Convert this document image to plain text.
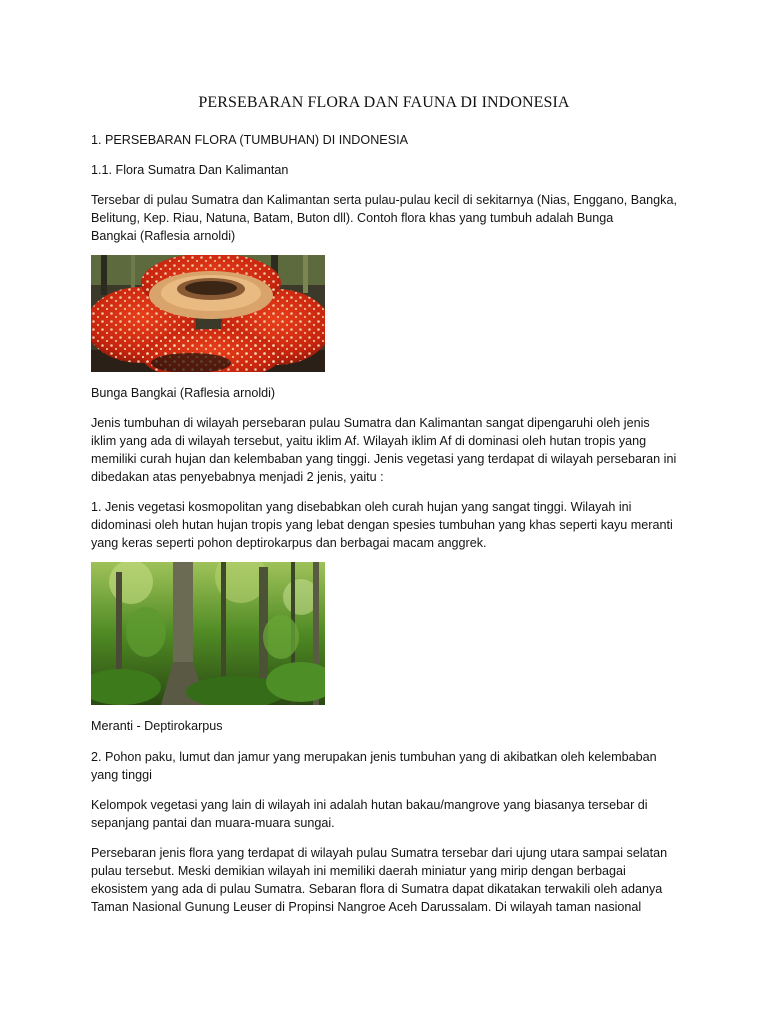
PERSEBARAN FLORA DAN FAUNA DI INDONESIA

1. PERSEBARAN FLORA (TUMBUHAN) DI INDONESIA

1.1. Flora Sumatra Dan Kalimantan

Tersebar di pulau Sumatra dan Kalimantan serta pulau-pulau kecil di sekitarnya (Nias, Enggano, Bangka,
Belitung, Kep. Riau, Natuna, Batam, Buton dll). Contoh flora khas yang tumbuh adalah Bunga
Bangkai (Raflesia arnoldi)

Bunga Bangkai (Raflesia arnoldi)

Jenis tumbuhan di wilayah persebaran pulau Sumatra dan Kalimantan sangat dipengaruhi oleh jenis
iklim yang ada di wilayah tersebut, yaitu iklim Af. Wilayah iklim Af di dominasi oleh hutan tropis yang
memiliki curah hujan dan kelembaban yang tinggi. Jenis vegetasi yang terdapat di wilayah persebaran ini
dibedakan atas penyebabnya menjadi 2 jenis, yaitu :

1. Jenis vegetasi kosmopolitan yang disebabkan oleh curah hujan yang sangat tinggi. Wilayah ini
didominasi oleh hutan hujan tropis yang lebat dengan spesies tumbuhan yang khas seperti kayu meranti
yang keras seperti pohon deptirokarpus dan berbagai macam anggrek.

Meranti - Deptirokarpus

2. Pohon paku, lumut dan jamur yang merupakan jenis tumbuhan yang di akibatkan oleh kelembaban
yang tinggi

Kelompok vegetasi yang lain di wilayah ini adalah hutan bakau/mangrove yang biasanya tersebar di
sepanjang pantai dan muara-muara sungai.

Persebaran jenis flora yang terdapat di wilayah pulau Sumatra tersebar dari ujung utara sampai selatan
pulau tersebut. Meski demikian wilayah ini memiliki daerah miniatur yang mirip dengan berbagai
ekosistem yang ada di pulau Sumatra. Sebaran flora di Sumatra dapat dikatakan terwakili oleh adanya
Taman Nasional Gunung Leuser di Propinsi Nangroe Aceh Darussalam. Di wilayah taman nasional
